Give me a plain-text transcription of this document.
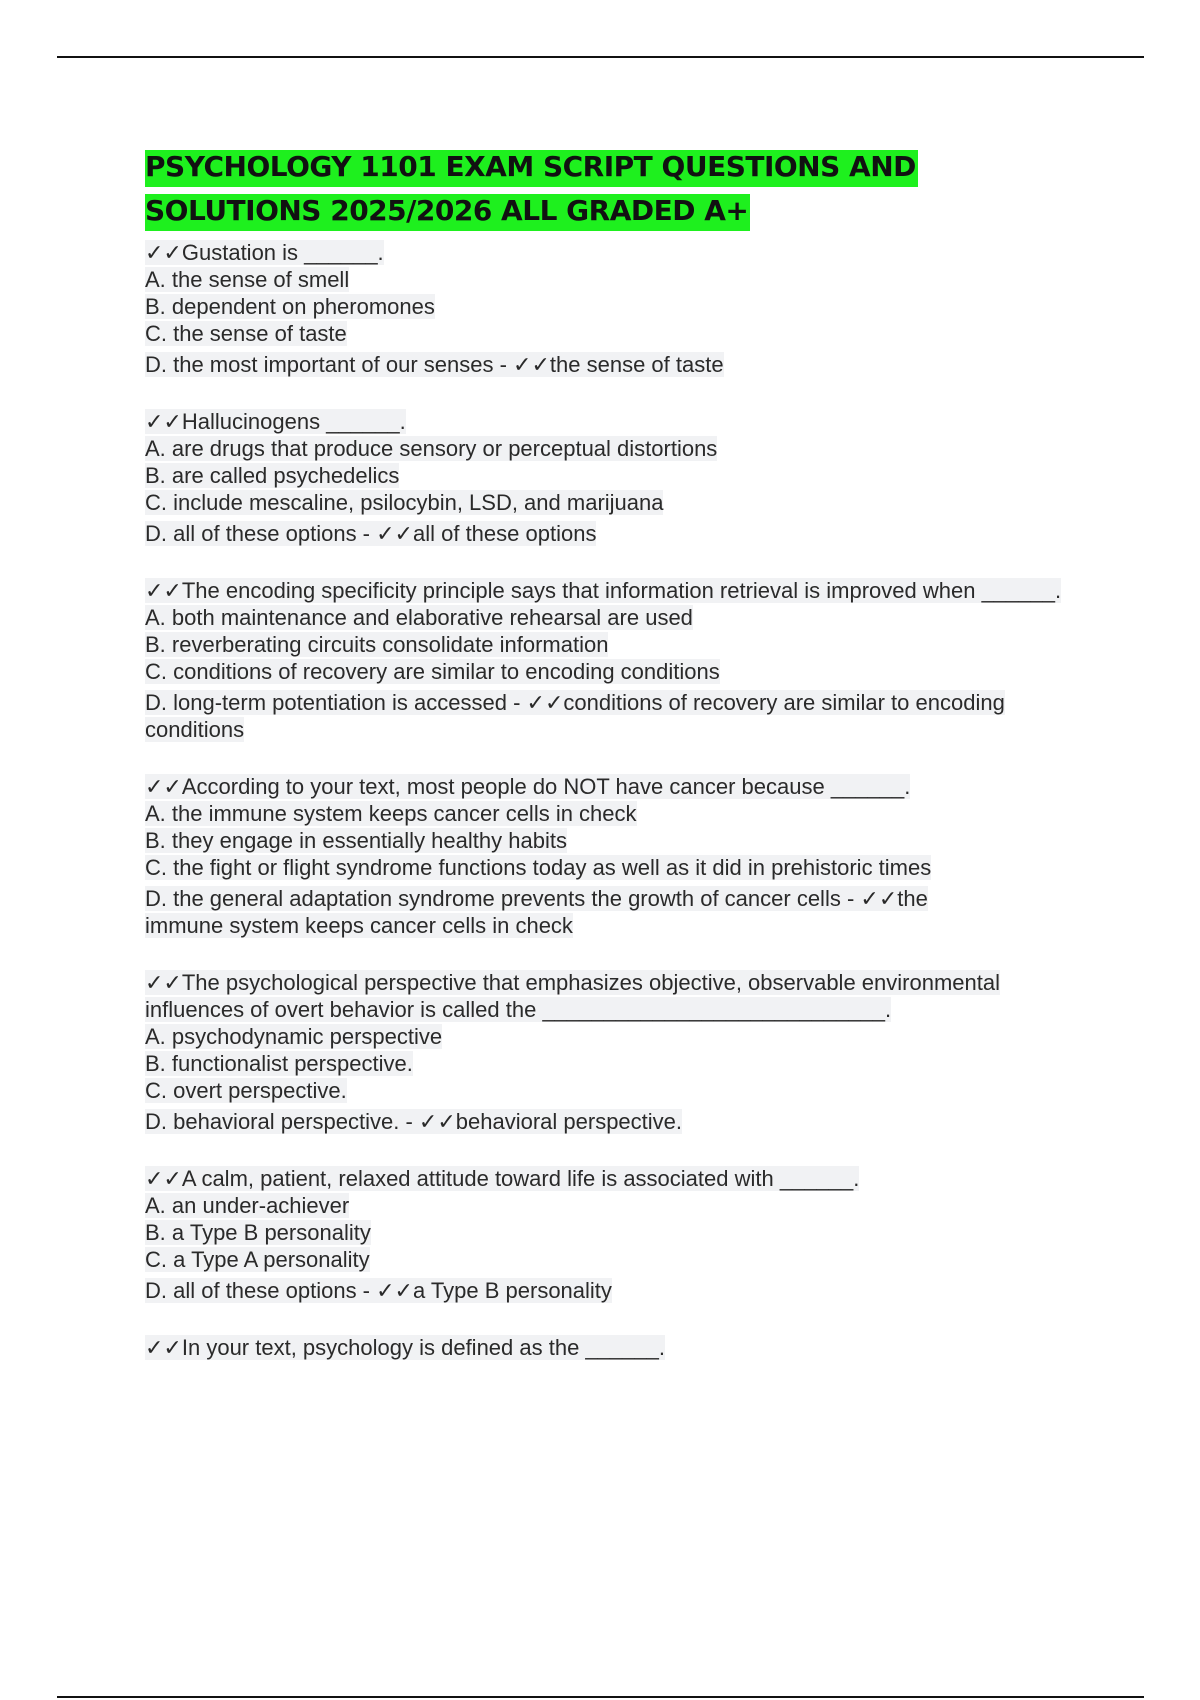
PSYCHOLOGY 1101 EXAM SCRIPT QUESTIONS AND SOLUTIONS 2025/2026 ALL GRADED A+
✓✓Gustation is ______.
A. the sense of smell
B. dependent on pheromones
C. the sense of taste
D. the most important of our senses - ✓✓the sense of taste
✓✓Hallucinogens ______.
A. are drugs that produce sensory or perceptual distortions
B. are called psychedelics
C. include mescaline, psilocybin, LSD, and marijuana
D. all of these options - ✓✓all of these options
✓✓The encoding specificity principle says that information retrieval is improved when ______.
A. both maintenance and elaborative rehearsal are used
B. reverberating circuits consolidate information
C. conditions of recovery are similar to encoding conditions
D. long-term potentiation is accessed - ✓✓conditions of recovery are similar to encoding conditions
✓✓According to your text, most people do NOT have cancer because ______.
A. the immune system keeps cancer cells in check
B. they engage in essentially healthy habits
C. the fight or flight syndrome functions today as well as it did in prehistoric times
D. the general adaptation syndrome prevents the growth of cancer cells - ✓✓the immune system keeps cancer cells in check
✓✓The psychological perspective that emphasizes objective, observable environmental influences of overt behavior is called the ____________________________.
A. psychodynamic perspective
B. functionalist perspective.
C. overt perspective.
D. behavioral perspective. - ✓✓behavioral perspective.
✓✓A calm, patient, relaxed attitude toward life is associated with ______.
A. an under-achiever
B. a Type B personality
C. a Type A personality
D. all of these options - ✓✓a Type B personality
✓✓In your text, psychology is defined as the ______.
